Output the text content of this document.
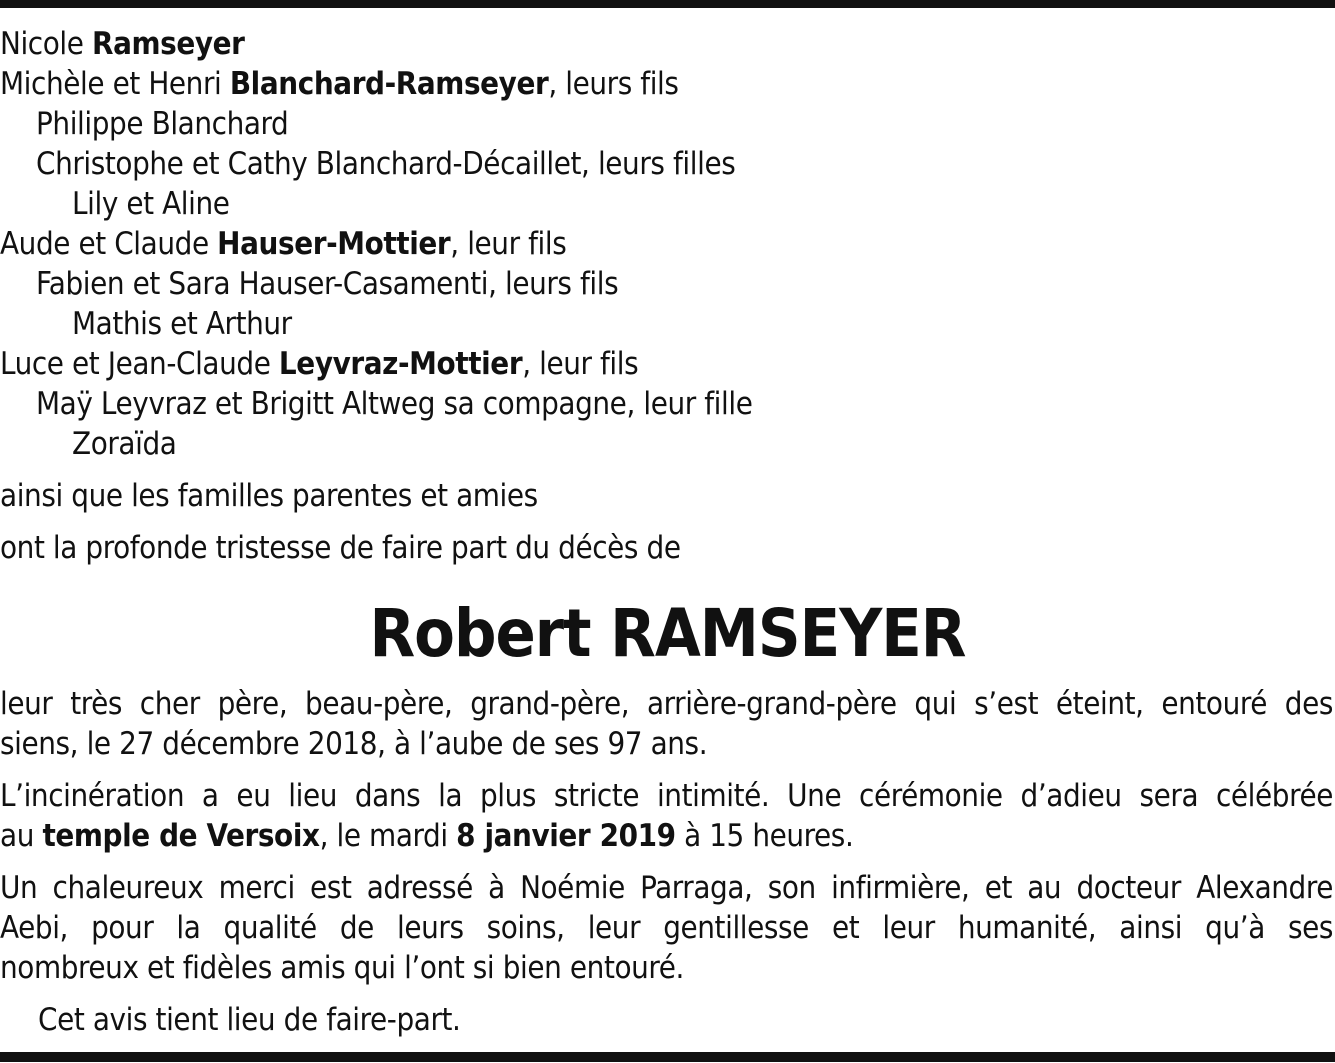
Nicole Ramseyer
Michèle et Henri Blanchard-Ramseyer, leurs fils
Philippe Blanchard
Christophe et Cathy Blanchard-Décaillet, leurs filles
Lily et Aline
Aude et Claude Hauser-Mottier, leur fils
Fabien et Sara Hauser-Casamenti, leurs fils
Mathis et Arthur
Luce et Jean-Claude Leyvraz-Mottier, leur fils
Maÿ Leyvraz et Brigitt Altweg sa compagne, leur fille
Zoraïda
ainsi que les familles parentes et amies
ont la profonde tristesse de faire part du décès de
Robert RAMSEYER
leur très cher père, beau-père, grand-père, arrière-grand-père qui s’est éteint, entouré des
siens, le 27 décembre 2018, à l’aube de ses 97 ans.
L’incinération a eu lieu dans la plus stricte intimité. Une cérémonie d’adieu sera célébrée
au temple de Versoix, le mardi 8 janvier 2019 à 15 heures.
Un chaleureux merci est adressé à Noémie Parraga, son infirmière, et au docteur Alexandre
Aebi, pour la qualité de leurs soins, leur gentillesse et leur humanité, ainsi qu’à ses
nombreux et fidèles amis qui l’ont si bien entouré.
Cet avis tient lieu de faire-part.
